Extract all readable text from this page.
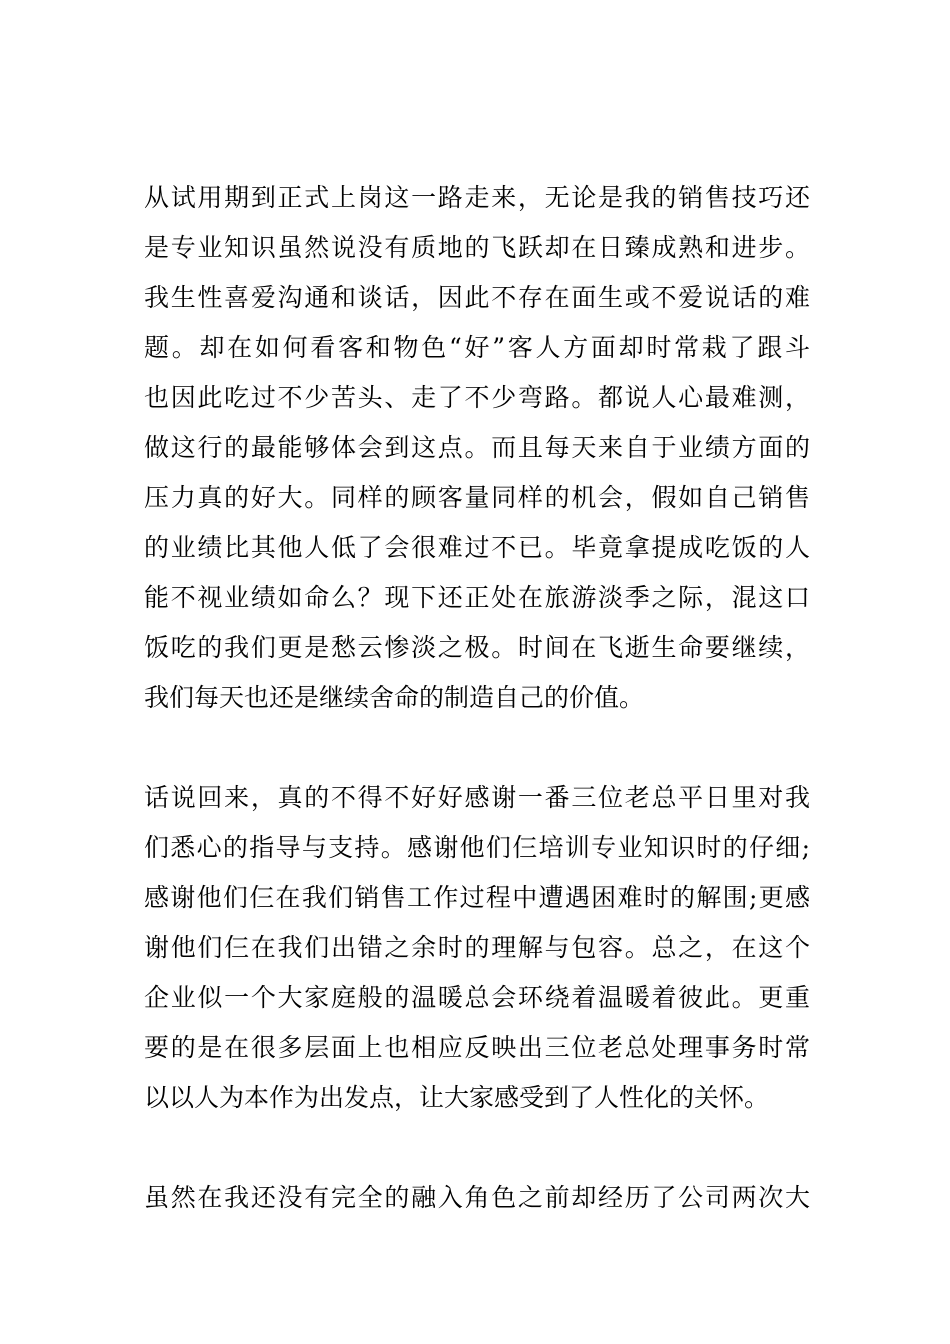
从试用期到正式上岗这一路走来，无论是我的销售技巧还
是专业知识虽然说没有质地的飞跃却在日臻成熟和进步。
我生性喜爱沟通和谈话，因此不存在面生或不爱说话的难
题。却在如何看客和物色“好”客人方面却时常栽了跟斗
也因此吃过不少苦头、走了不少弯路。都说人心最难测，
做这行的最能够体会到这点。而且每天来自于业绩方面的
压力真的好大。同样的顾客量同样的机会，假如自己销售
的业绩比其他人低了会很难过不已。毕竟拿提成吃饭的人
能不视业绩如命么？现下还正处在旅游淡季之际，混这口
饭吃的我们更是愁云惨淡之极。时间在飞逝生命要继续，
我们每天也还是继续舍命的制造自己的价值。
话说回来，真的不得不好好感谢一番三位老总平日里对我
们悉心的指导与支持。感谢他们仨培训专业知识时的仔细;
感谢他们仨在我们销售工作过程中遭遇困难时的解围;更感
谢他们仨在我们出错之余时的理解与包容。总之，在这个
企业似一个大家庭般的温暖总会环绕着温暖着彼此。更重
要的是在很多层面上也相应反映出三位老总处理事务时常
以以人为本作为出发点，让大家感受到了人性化的关怀。
虽然在我还没有完全的融入角色之前却经历了公司两次大
